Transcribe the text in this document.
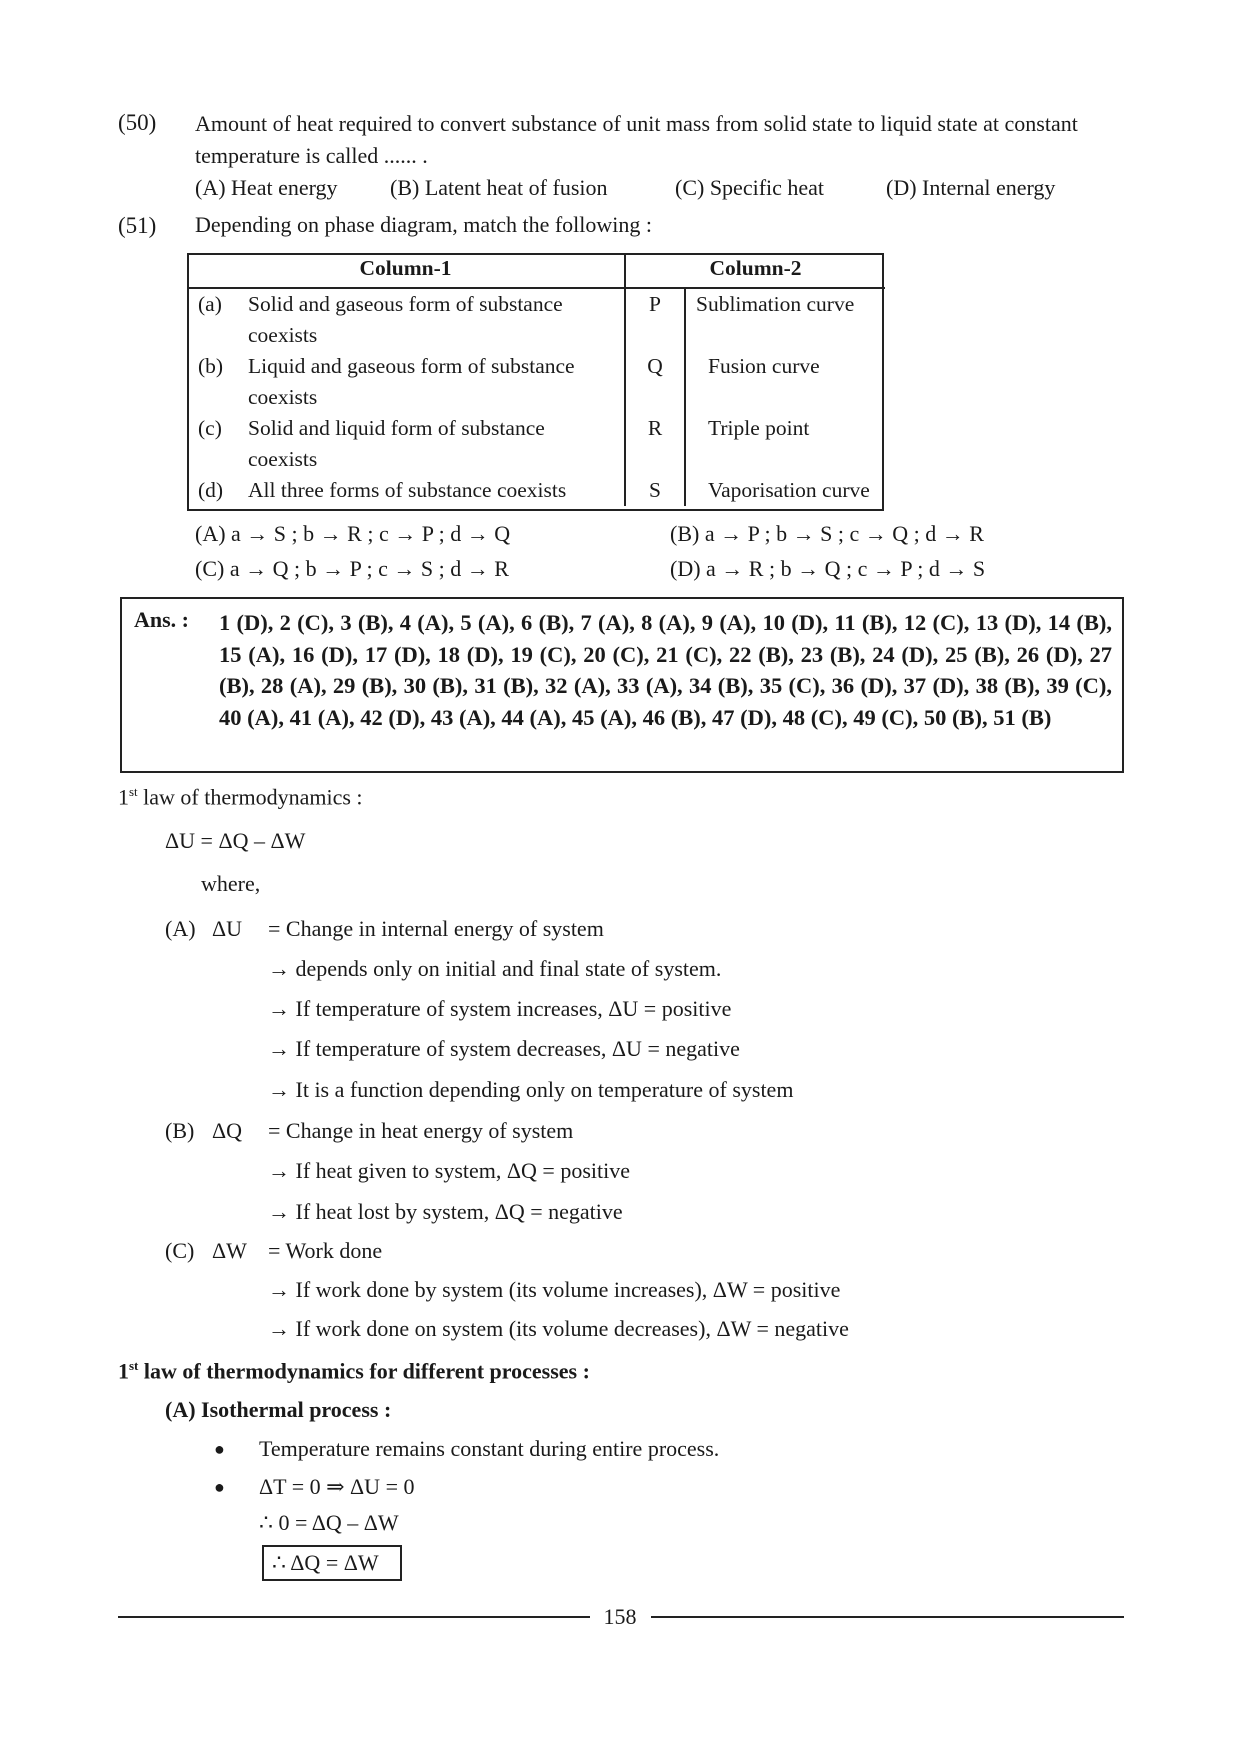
(50) Amount of heat required to convert substance of unit mass from solid state to liquid state at constant temperature is called ...... .
(A) Heat energy (B) Latent heat of fusion	(C) Specific heat	(D) Internal energy
(51) Depending on phase diagram, match the following :
Column-1	Column-2

(a) Solid and gaseous form of substance coexists	P Sublimation curve

(b) Liquid and gaseous form of substance coexists	Q Fusion curve

(c) Solid and liquid form of substance coexists	R Triple point

(d) All three forms of substance coexists	S Vaporisation curve
(A) a → S ; b → R ; c → P ; d → Q	(B) a → P ; b → S ; c → Q ; d → R
(C) a → Q ; b → P ; c → S ; d → R	(D) a → R ; b → Q ; c → P ; d → S
Ans. : 1 (D), 2 (C), 3 (B), 4 (A), 5 (A), 6 (B), 7 (A), 8 (A), 9 (A), 10 (D), 11 (B), 12 (C), 13 (D), 14 (B), 15 (A), 16 (D), 17 (D), 18 (D), 19 (C), 20 (C), 21 (C), 22 (B), 23 (B), 24 (D), 25 (B), 26 (D), 27 (B), 28 (A), 29 (B), 30 (B), 31 (B), 32 (A), 33 (A), 34 (B), 35 (C), 36 (D), 37 (D), 38 (B), 39 (C), 40 (A), 41 (A), 42 (D), 43 (A), 44 (A), 45 (A), 46 (B), 47 (D), 48 (C), 49 (C), 50 (B), 51 (B)
1st law of thermodynamics :
ΔU = ΔQ – ΔW
where,
(A) ΔU = Change in internal energy of system
→ depends only on initial and final state of system.
→ If temperature of system increases, ΔU = positive
→ If temperature of system decreases, ΔU = negative
→ It is a function depending only on temperature of system
(B) ΔQ = Change in heat energy of system
→ If heat given to system, ΔQ = positive
→ If heat lost by system, ΔQ = negative
(C) ΔW = Work done
→ If work done by system (its volume increases), ΔW = positive
→ If work done on system (its volume decreases), ΔW = negative
1st law of thermodynamics for different processes :
(A) Isothermal process :
● Temperature remains constant during entire process.
● ΔT = 0 ⇒ ΔU = 0
∴ 0 = ΔQ – ΔW
∴ ΔQ = ΔW
158
